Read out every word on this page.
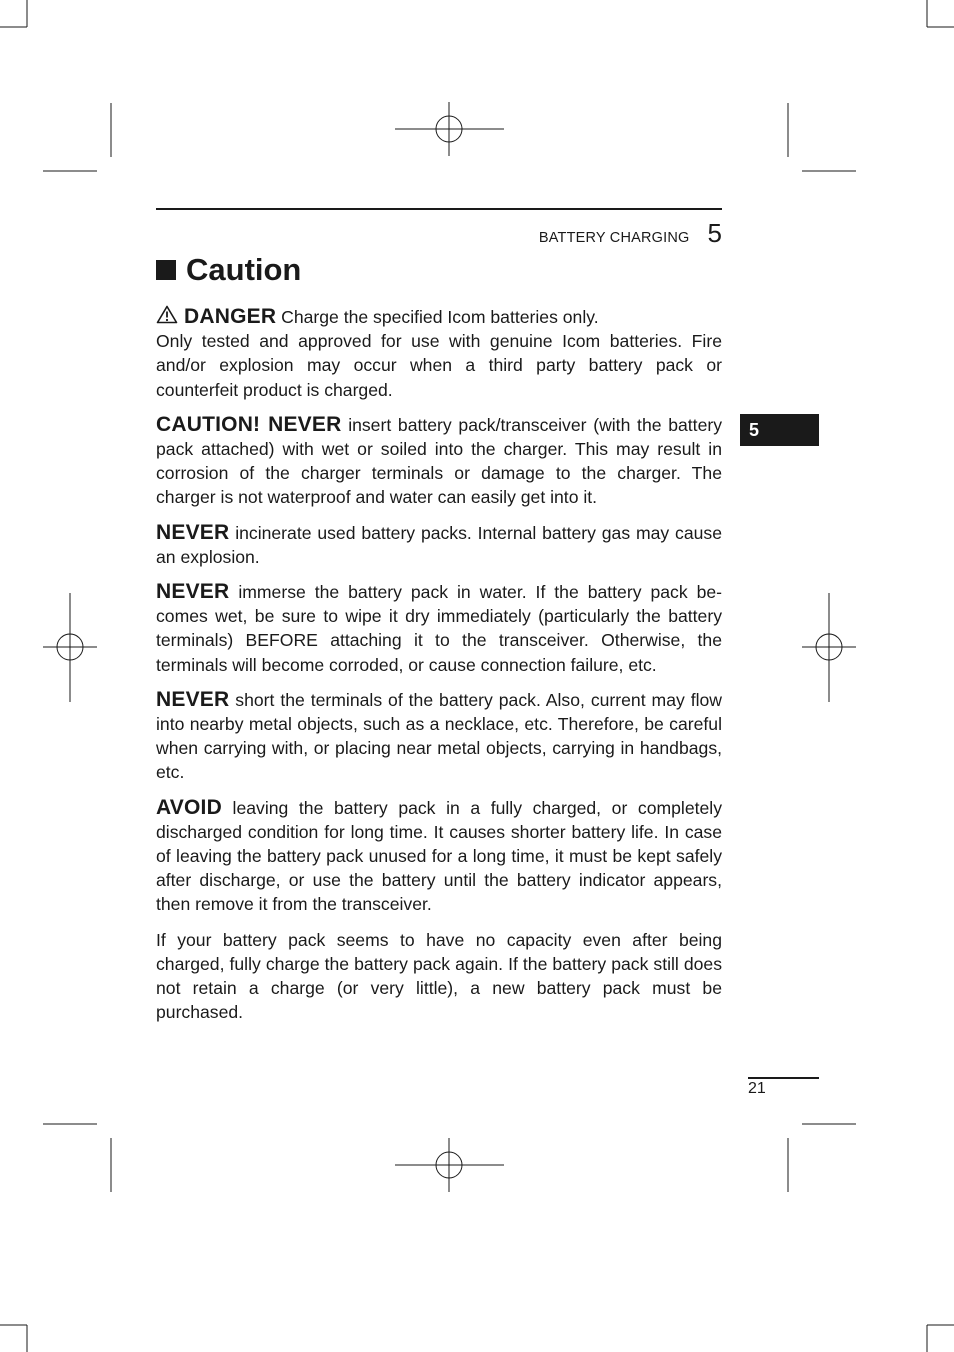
BATTERY CHARGING 5
Caution

DANGER Charge the specified Icom batteries only.

Only tested and approved for use with genuine Icom batteries. Fire and/or explosion may occur when a third party battery pack or counterfeit product is charged.

CAUTION! NEVER insert battery pack/transceiver (with the battery pack attached) with wet or soiled into the charger. This may result in corrosion of the charger terminals or damage to the charger. The charger is not waterproof and water can easily get into it.

NEVER incinerate used battery packs. Internal battery gas may cause an explosion.

NEVER immerse the battery pack in water. If the battery pack becomes wet, be sure to wipe it dry immediately (particularly the battery terminals) BEFORE attaching it to the transceiver. Otherwise, the terminals will become corroded, or cause connection failure, etc.

NEVER short the terminals of the battery pack. Also, current may flow into nearby metal objects, such as a necklace, etc. Therefore, be careful when carrying with, or placing near metal objects, carrying in handbags, etc.

AVOID leaving the battery pack in a fully charged, or completely discharged condition for long time. It causes shorter battery life. In case of leaving the battery pack unused for a long time, it must be kept safely after discharge, or use the battery until the battery indicator appears, then remove it from the transceiver.

If your battery pack seems to have no capacity even after being charged, fully charge the battery pack again. If the battery pack still does not retain a charge (or very little), a new battery pack must be purchased.

5
21
